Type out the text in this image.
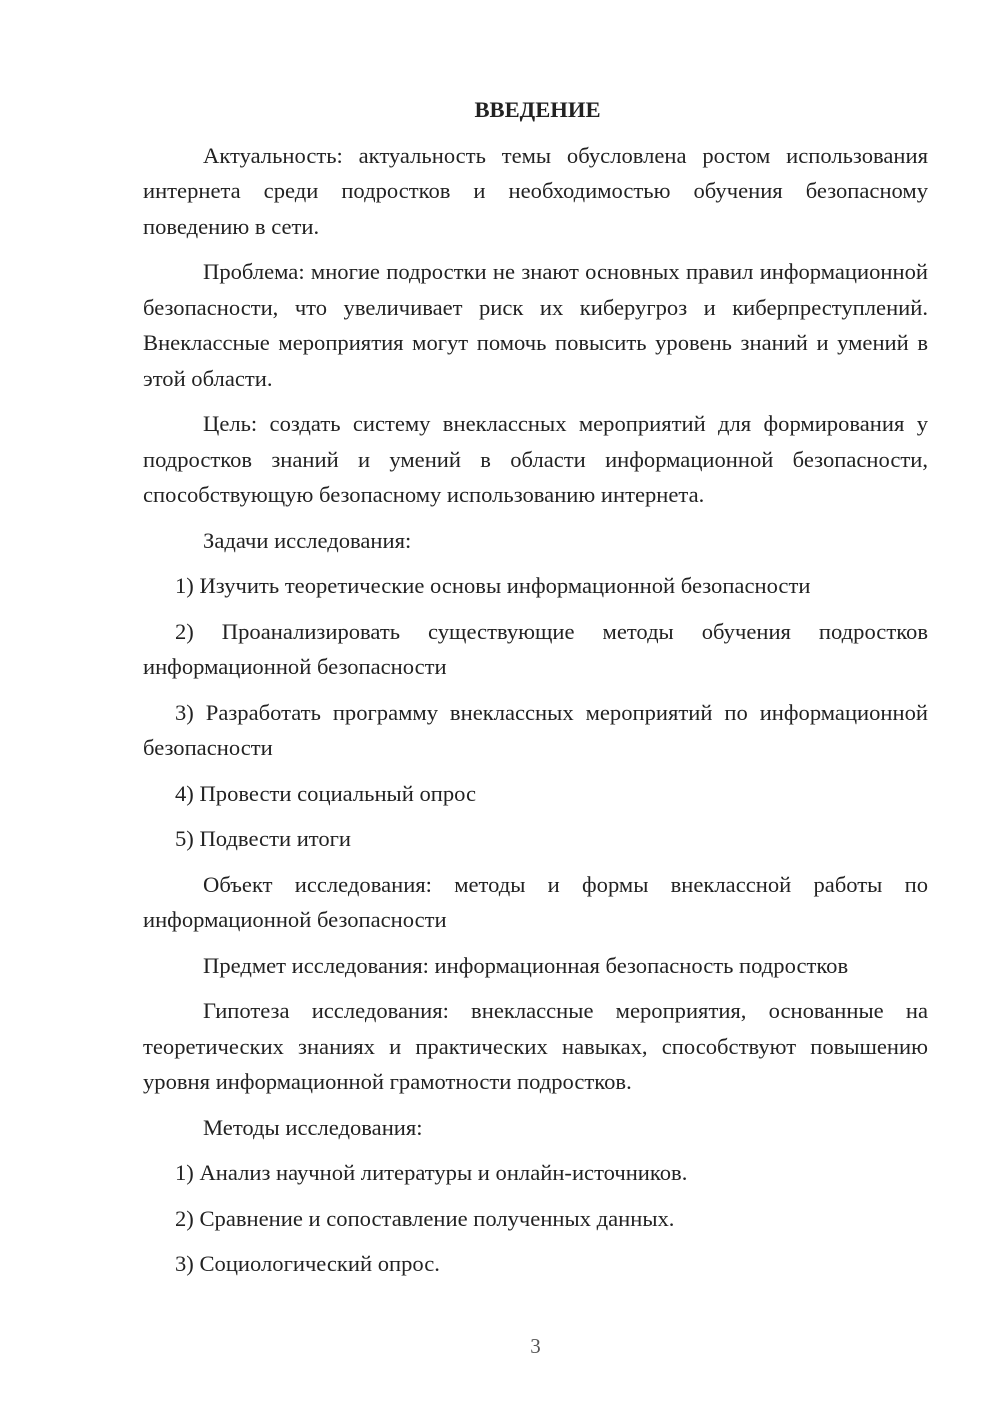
ВВЕДЕНИЕ
Актуальность: актуальность темы обусловлена ростом использования интернета среди подростков и необходимостью обучения безопасному поведению в сети.
Проблема: многие подростки не знают основных правил информационной безопасности, что увеличивает риск их киберугроз и киберпреступлений. Внеклассные мероприятия могут помочь повысить уровень знаний и умений в этой области.
Цель: создать систему внеклассных мероприятий для формирования у подростков знаний и умений в области информационной безопасности, способствующую безопасному использованию интернета.
Задачи исследования:
1) Изучить теоретические основы информационной безопасности
2) Проанализировать существующие методы обучения подростков информационной безопасности
3) Разработать программу внеклассных мероприятий по информационной безопасности
4) Провести социальный опрос
5) Подвести итоги
Объект исследования: методы и формы внеклассной работы по информационной безопасности
Предмет исследования: информационная безопасность подростков
Гипотеза исследования: внеклассные мероприятия, основанные на теоретических знаниях и практических навыках, способствуют повышению уровня информационной грамотности подростков.
Методы исследования:
1) Анализ научной литературы и онлайн-источников.
2) Сравнение и сопоставление полученных данных.
3) Социологический опрос.
3
